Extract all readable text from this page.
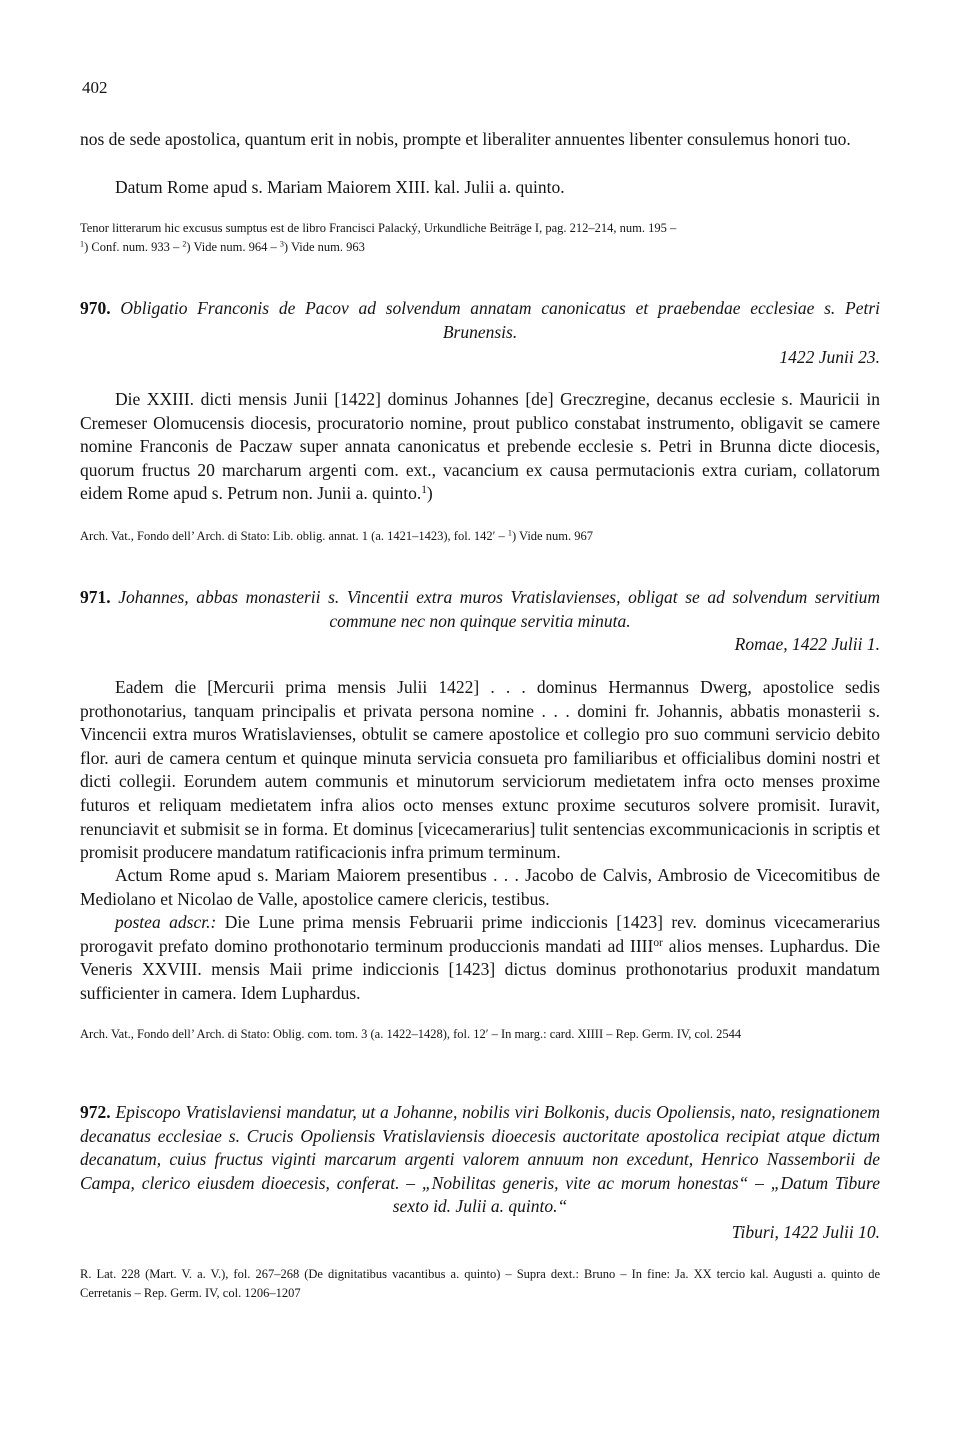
402

nos de sede apostolica, quantum erit in nobis, prompte et liberaliter annuentes libenter consulemus honori tuo.

Datum Rome apud s. Mariam Maiorem XIII. kal. Julii a. quinto.

Tenor litterarum hic excusus sumptus est de libro Francisci Palacký, Urkundliche Beiträge I, pag. 212–214, num. 195 –
$^1$) Conf. num. 933 – $^2$) Vide num. 964 – $^3$) Vide num. 963

970. Obligatio Franconis de Pacov ad solvendum annatam canonicatus et praebendae ecclesiae s. Petri Brunensis.

1422 Junii 23.

Die XXIII. dicti mensis Junii [1422] dominus Johannes [de] Greczregine, decanus ecclesie s. Mauricii in Cremeser Olomucensis diocesis, procuratorio nomine, prout publico constabat instrumento, obligavit se camere nomine Franconis de Paczaw super annata canonicatus et prebende ecclesie s. Petri in Brunna dicte diocesis, quorum fructus 20 marcharum argenti com. ext., vacancium ex causa permutacionis extra curiam, collatorum eidem Rome apud s. Petrum non. Junii a. quinto.$^1$)

Arch. Vat., Fondo dell’ Arch. di Stato: Lib. oblig. annat. 1 (a. 1421–1423), fol. 142′ – $^1$) Vide num. 967

971. Johannes, abbas monasterii s. Vincentii extra muros Vratislavienses, obligat se ad solvendum servitium commune nec non quinque servitia minuta.

Romae, 1422 Julii 1.

Eadem die [Mercurii prima mensis Julii 1422] . . . dominus Hermannus Dwerg, apostolice sedis prothonotarius, tanquam principalis et privata persona nomine . . . domini fr. Johannis, abbatis monasterii s. Vincencii extra muros Wratislavienses, obtulit se camere apostolice et collegio pro suo communi servicio debito flor. auri de camera centum et quinque minuta servicia consueta pro familiaribus et officialibus domini nostri et dicti collegii. Eorundem autem communis et minutorum serviciorum medietatem infra octo menses proxime futuros et reliquam medietatem infra alios octo menses extunc proxime secuturos solvere promisit. Iuravit, renunciavit et submisit se in forma. Et dominus [vicecamerarius] tulit sentencias excommunicacionis in scriptis et promisit producere mandatum ratificacionis infra primum terminum.

Actum Rome apud s. Mariam Maiorem presentibus . . . Jacobo de Calvis, Ambrosio de Vicecomitibus de Mediolano et Nicolao de Valle, apostolice camere clericis, testibus.

postea adscr.: Die Lune prima mensis Februarii prime indiccionis [1423] rev. dominus vicecamerarius prorogavit prefato domino prothonotario terminum produccionis mandati ad $IIII^{or}$ alios menses. Luphardus. Die Veneris XXVIII. mensis Maii prime indiccionis [1423] dictus dominus prothonotarius produxit mandatum sufficienter in camera. Idem Luphardus.

Arch. Vat., Fondo dell’ Arch. di Stato: Oblig. com. tom. 3 (a. 1422–1428), fol. 12′ – In marg.: card. XIIII – Rep. Germ. IV, col. 2544

972. Episcopo Vratislaviensi mandatur, ut a Johanne, nobilis viri Bolkonis, ducis Opoliensis, nato, resignationem decanatus ecclesiae s. Crucis Opoliensis Vratislaviensis dioecesis auctoritate apostolica recipiat atque dictum decanatum, cuius fructus viginti marcarum argenti valorem annuum non excedunt, Henrico Nassemborii de Campa, clerico eiusdem dioecesis, conferat. – „Nobilitas generis, vite ac morum honestas“ – „Datum Tibure sexto id. Julii a. quinto.“

Tiburi, 1422 Julii 10.

R. Lat. 228 (Mart. V. a. V.), fol. 267–268 (De dignitatibus vacantibus a. quinto) – Supra dext.: Bruno – In fine: Ja. XX tercio kal. Augusti a. quinto de Cerretanis – Rep. Germ. IV, col. 1206–1207
